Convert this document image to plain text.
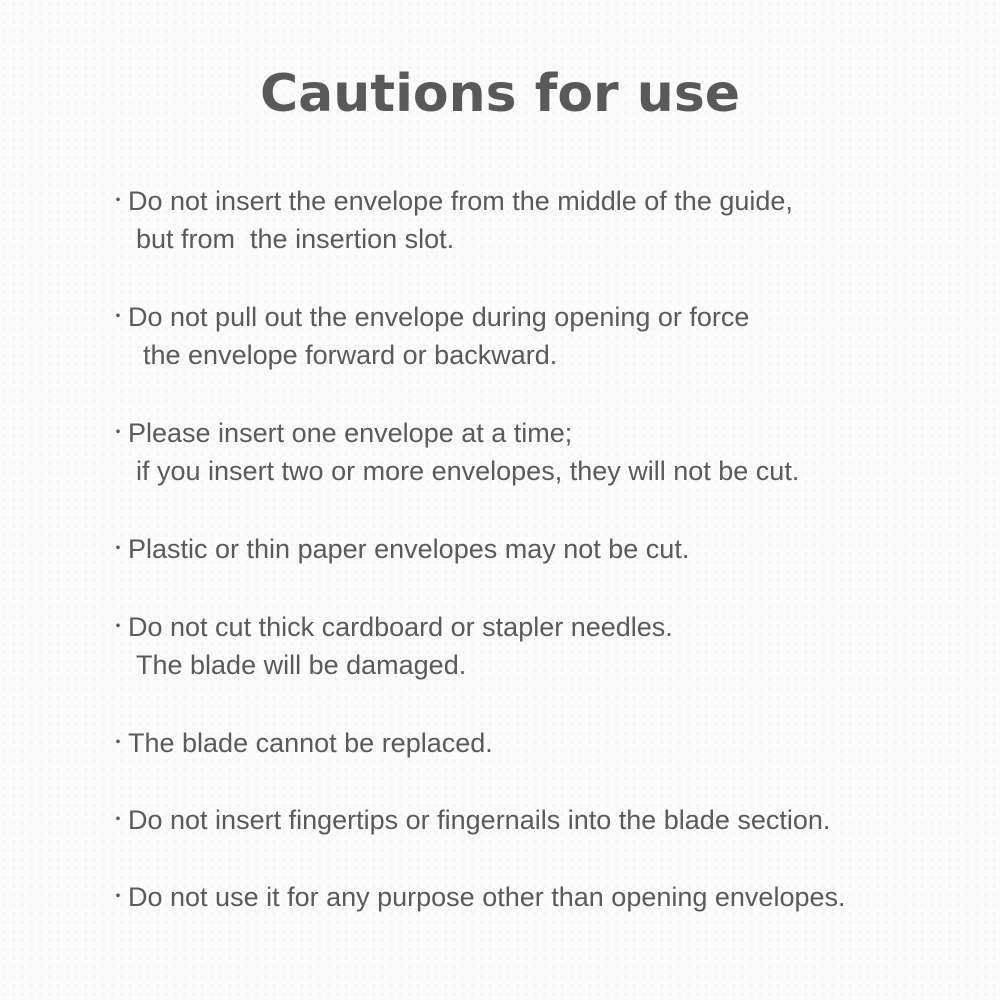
Cautions for use
・ Do not insert the envelope from the middle of the guide,
but from  the insertion slot.
・ Do not pull out the envelope during opening or force
the envelope forward or backward.
・ Please insert one envelope at a time;
if you insert two or more envelopes, they will not be cut.
・ Plastic or thin paper envelopes may not be cut.
・ Do not cut thick cardboard or stapler needles.
The blade will be damaged.
・ The blade cannot be replaced.
・ Do not insert fingertips or fingernails into the blade section.
・ Do not use it for any purpose other than opening envelopes.
